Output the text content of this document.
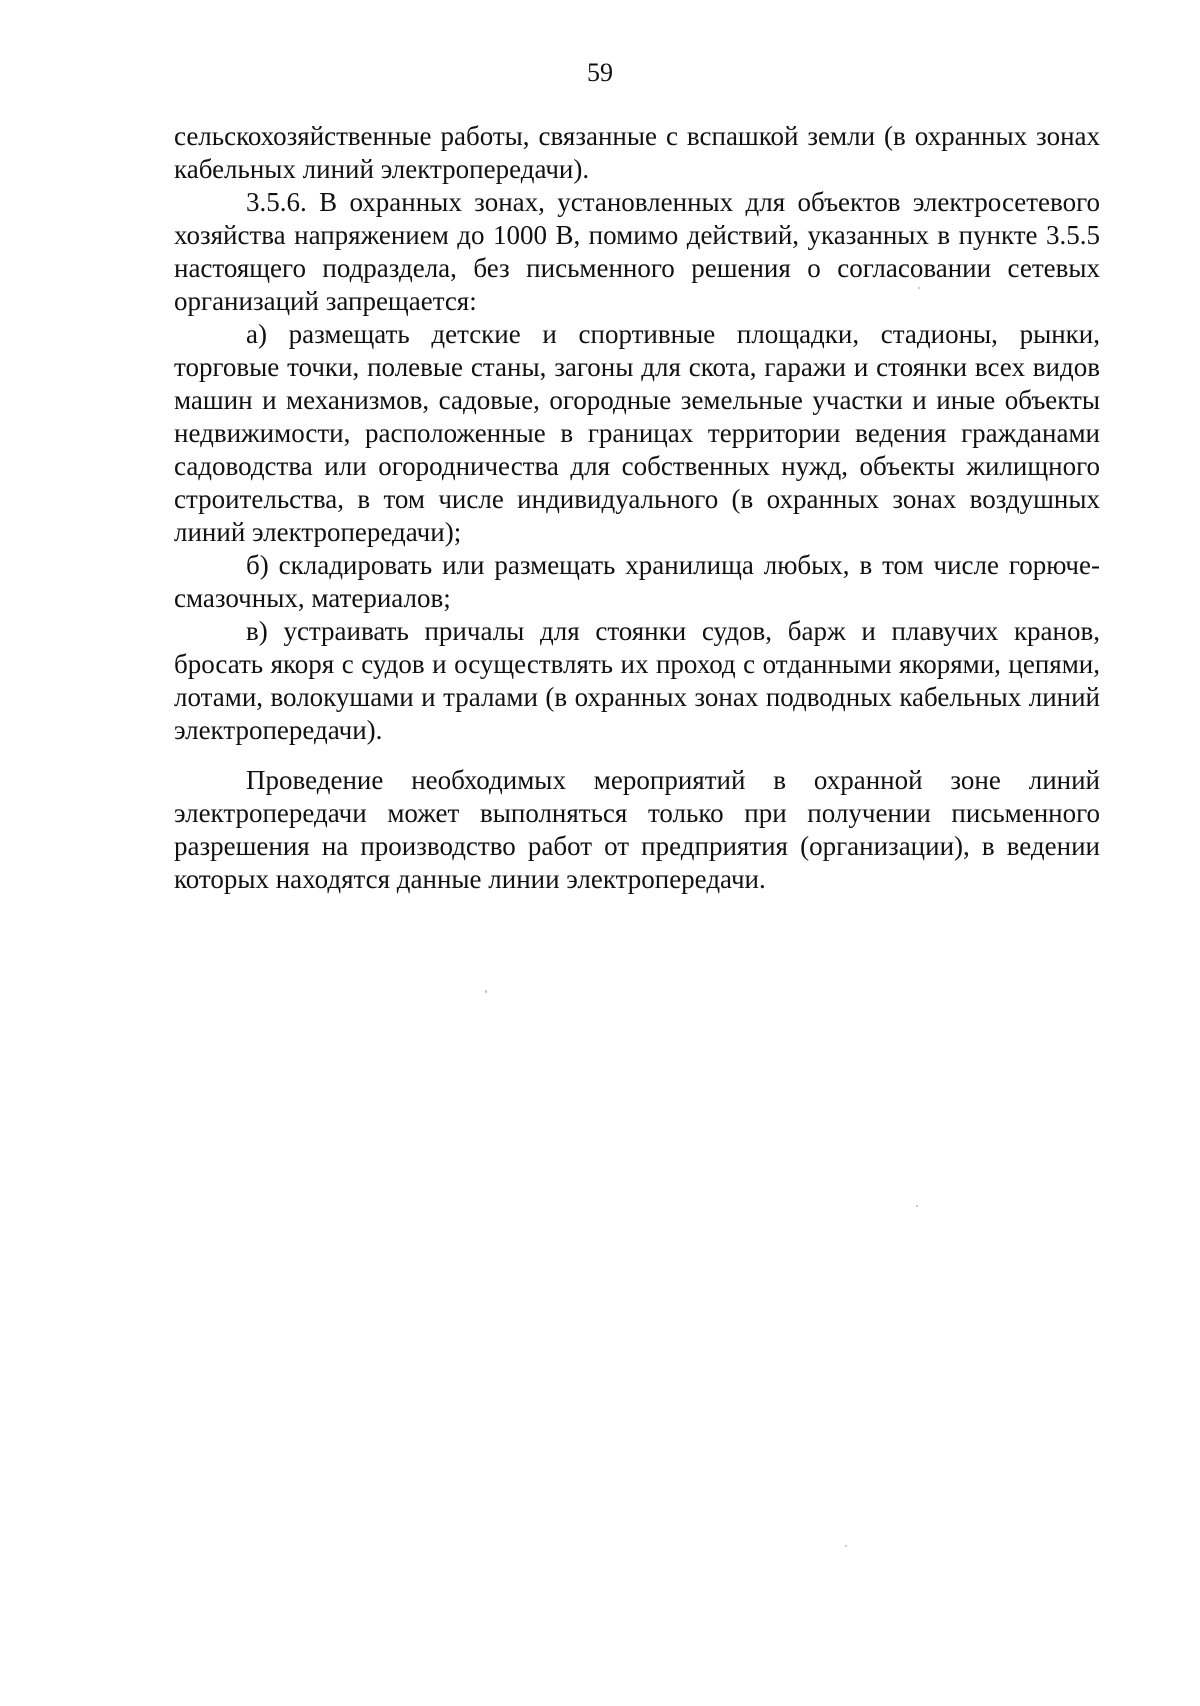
59

сельскохозяйственные работы, связанные с вспашкой земли (в охранных зонах кабельных линий электропередачи).

3.5.6. В охранных зонах, установленных для объектов электросетевого хозяйства напряжением до 1000 В, помимо действий, указанных в пункте 3.5.5 настоящего подраздела, без письменного решения о согласовании сетевых организаций запрещается:

а) размещать детские и спортивные площадки, стадионы, рынки, торговые точки, полевые станы, загоны для скота, гаражи и стоянки всех видов машин и механизмов, садовые, огородные земельные участки и иные объекты недвижимости, расположенные в границах территории ведения гражданами садоводства или огородничества для собственных нужд, объекты жилищного строительства, в том числе индивидуального (в охранных зонах воздушных линий электропередачи);

б) складировать или размещать хранилища любых, в том числе горюче-смазочных, материалов;

в) устраивать причалы для стоянки судов, барж и плавучих кранов, бросать якоря с судов и осуществлять их проход с отданными якорями, цепями, лотами, волокушами и тралами (в охранных зонах подводных кабельных линий электропередачи).

Проведение необходимых мероприятий в охранной зоне линий электропередачи может выполняться только при получении письменного разрешения на производство работ от предприятия (организации), в ведении которых находятся данные линии электропередачи.
